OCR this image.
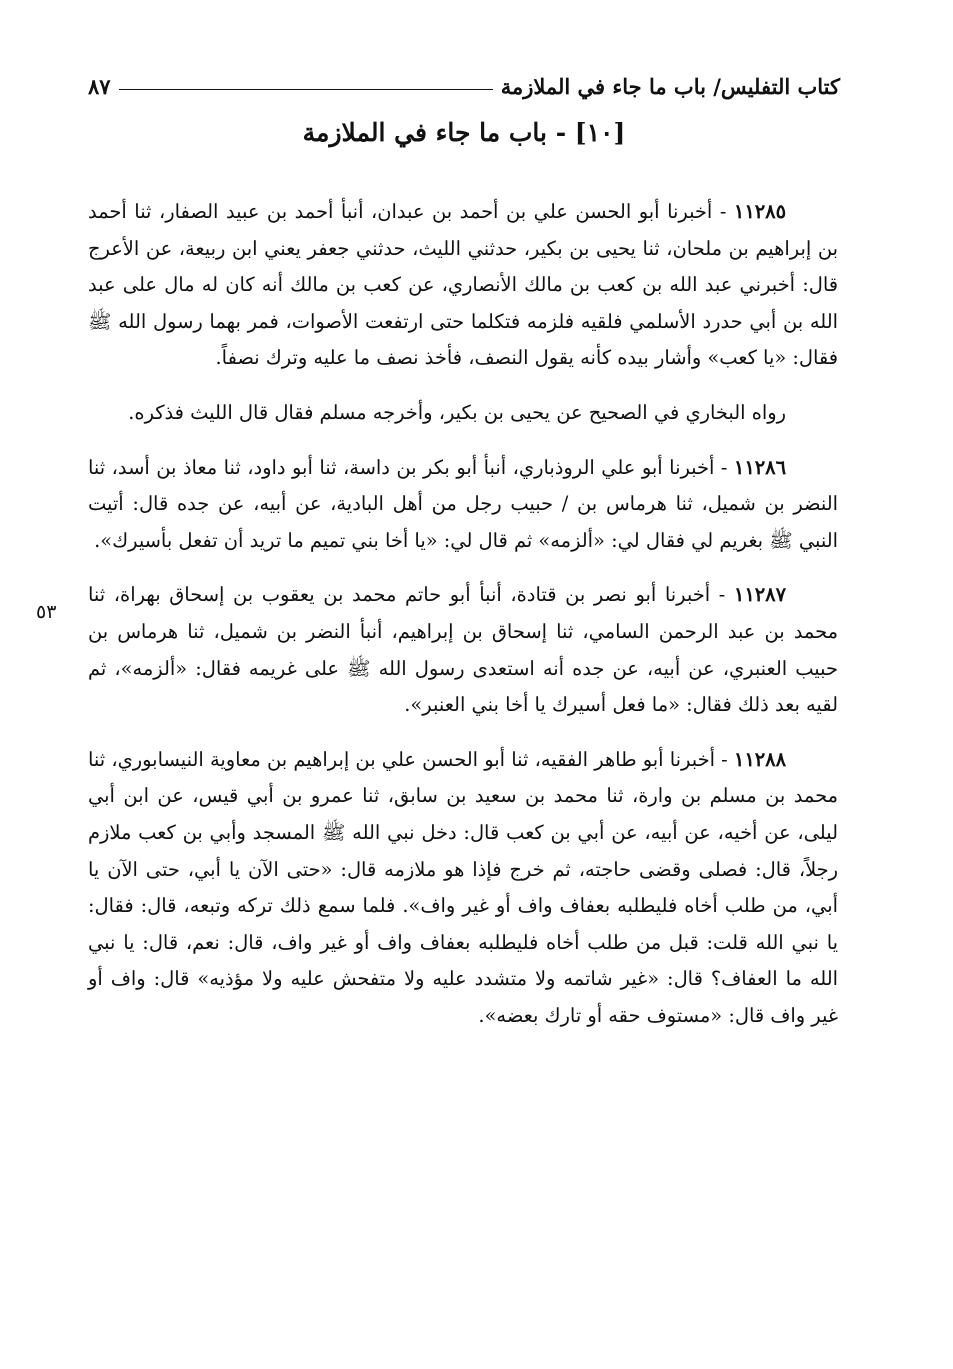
٨٧	كتاب التفليس/ باب ما جاء في الملازمة
[١٠] - باب ما جاء في الملازمة
٥٣

١١٢٨٥ - أخبرنا أبو الحسن علي بن أحمد بن عبدان، أنبأ أحمد بن عبيد الصفار، ثنا أحمد بن إبراهيم بن ملحان، ثنا يحيى بن بكير، حدثني الليث، حدثني جعفر يعني ابن ربيعة، عن الأعرج قال: أخبرني عبد الله بن كعب بن مالك الأنصاري، عن كعب بن مالك أنه كان له مال على عبد الله بن أبي حدرد الأسلمي فلقيه فلزمه فتكلما حتى ارتفعت الأصوات، فمر بهما رسول الله ﷺ فقال: «يا كعب» وأشار بيده كأنه يقول النصف، فأخذ نصف ما عليه وترك نصفاً.

رواه البخاري في الصحيح عن يحيى بن بكير، وأخرجه مسلم فقال قال الليث فذكره.

١١٢٨٦ - أخبرنا أبو علي الروذباري، أنبأ أبو بكر بن داسة، ثنا أبو داود، ثنا معاذ بن أسد، ثنا النضر بن شميل، ثنا هرماس بن / حبيب رجل من أهل البادية، عن أبيه، عن جده قال: أتيت النبي ﷺ بغريم لي فقال لي: «ألزمه» ثم قال لي: «يا أخا بني تميم ما تريد أن تفعل بأسيرك».

١١٢٨٧ - أخبرنا أبو نصر بن قتادة، أنبأ أبو حاتم محمد بن يعقوب بن إسحاق بهراة، ثنا محمد بن عبد الرحمن السامي، ثنا إسحاق بن إبراهيم، أنبأ النضر بن شميل، ثنا هرماس بن حبيب العنبري، عن أبيه، عن جده أنه استعدى رسول الله ﷺ على غريمه فقال: «ألزمه»، ثم لقيه بعد ذلك فقال: «ما فعل أسيرك يا أخا بني العنبر».

١١٢٨٨ - أخبرنا أبو طاهر الفقيه، ثنا أبو الحسن علي بن إبراهيم بن معاوية النيسابوري، ثنا محمد بن مسلم بن وارة، ثنا محمد بن سعيد بن سابق، ثنا عمرو بن أبي قيس، عن ابن أبي ليلى، عن أخيه، عن أبيه، عن أبي بن كعب قال: دخل نبي الله ﷺ المسجد وأبي بن كعب ملازم رجلاً، قال: فصلى وقضى حاجته، ثم خرج فإذا هو ملازمه قال: «حتى الآن يا أبي، حتى الآن يا أبي، من طلب أخاه فليطلبه بعفاف واف أو غير واف». فلما سمع ذلك تركه وتبعه، قال: فقال: يا نبي الله قلت: قبل من طلب أخاه فليطلبه بعفاف واف أو غير واف، قال: نعم، قال: يا نبي الله ما العفاف؟ قال: «غير شاتمه ولا متشدد عليه ولا متفحش عليه ولا مؤذيه» قال: واف أو غير واف قال: «مستوف حقه أو تارك بعضه».
